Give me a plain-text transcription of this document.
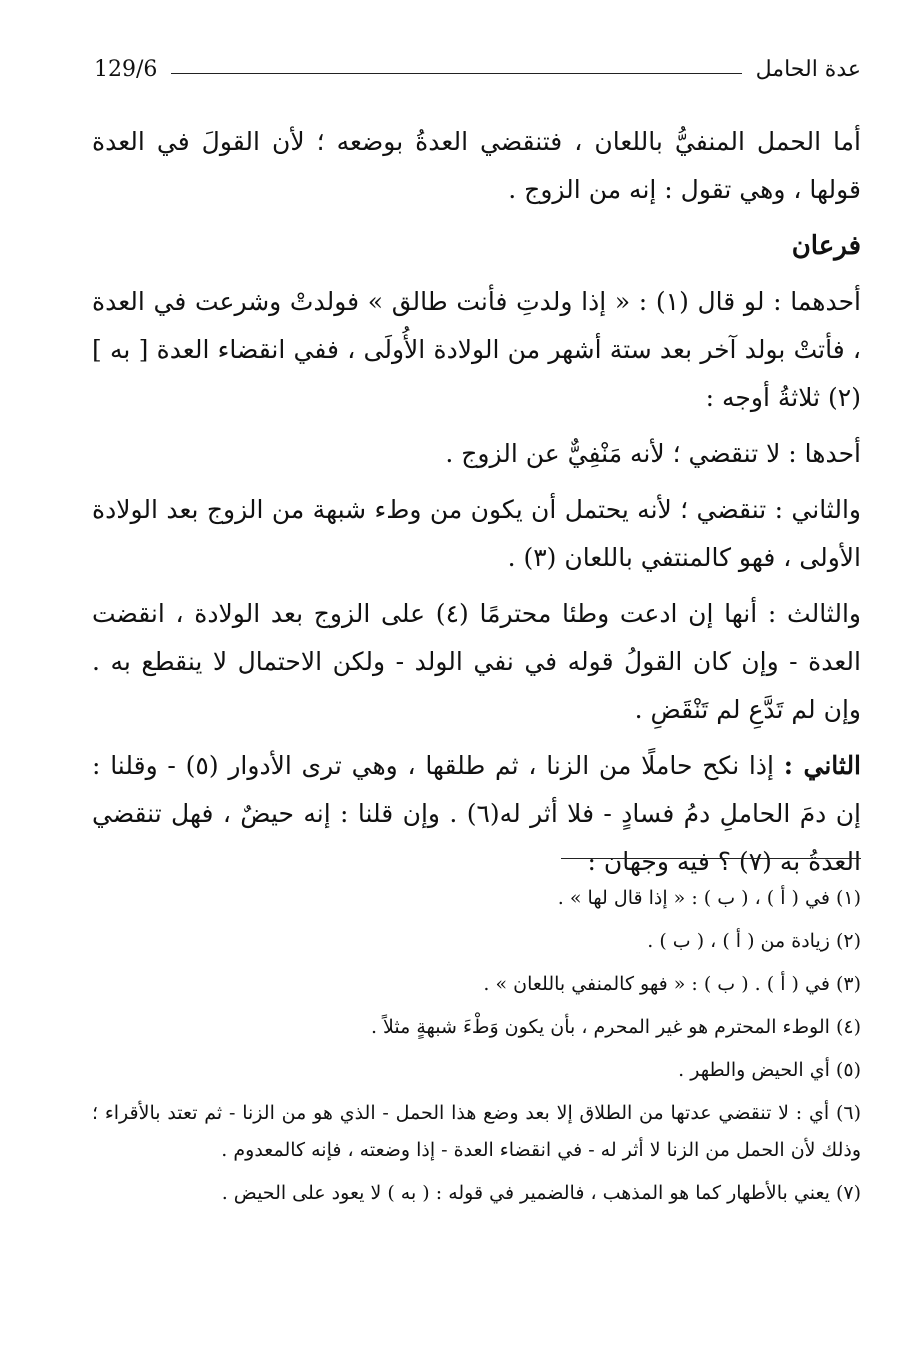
عدة الحامل
129/6

أما الحمل المنفيُّ باللعان ، فتنقضي العدةُ بوضعه ؛ لأن القولَ في العدة قولها ، وهي تقول : إنه من الزوج .

فرعان

أحدهما : لو قال (١) : « إذا ولدتِ فأنت طالق » فولدتْ وشرعت في العدة ، فأتتْ بولد آخر بعد ستة أشهر من الولادة الأُولَى ، ففي انقضاء العدة [ به ] (٢) ثلاثةُ أوجه :

أحدها : لا تنقضي ؛ لأنه مَنْفِيٌّ عن الزوج .

والثاني : تنقضي ؛ لأنه يحتمل أن يكون من وطء شبهة من الزوج بعد الولادة الأولى ، فهو كالمنتفي باللعان (٣) .

والثالث : أنها إن ادعت وطئا محترمًا (٤) على الزوج بعد الولادة ، انقضت العدة - وإن كان القولُ قوله في نفي الولد - ولكن الاحتمال لا ينقطع به . وإن لم تَدَّعِ لم تَنْقَضِ .

الثاني : إذا نكح حاملًا من الزنا ، ثم طلقها ، وهي ترى الأدوار (٥) - وقلنا : إن دمَ الحاملِ دمُ فسادٍ - فلا أثر له(٦) . وإن قلنا : إنه حيضٌ ، فهل تنقضي العدةُ به (٧) ؟ فيه وجهان :

(١) في ( أ ) ، ( ب ) : « إذا قال لها » .

(٢) زيادة من ( أ ) ، ( ب ) .

(٣) في ( أ ) . ( ب ) : « فهو كالمنفي باللعان » .

(٤) الوطء المحترم هو غير المحرم ، بأن يكون وَطْءَ شبهةٍ مثلاً .

(٥) أي الحيض والطهر .

(٦) أي : لا تنقضي عدتها من الطلاق إلا بعد وضع هذا الحمل - الذي هو من الزنا - ثم تعتد بالأقراء ؛ وذلك لأن الحمل من الزنا لا أثر له - في انقضاء العدة - إذا وضعته ، فإنه كالمعدوم .

(٧) يعني بالأطهار كما هو المذهب ، فالضمير في قوله : ( به ) لا يعود على الحيض .
